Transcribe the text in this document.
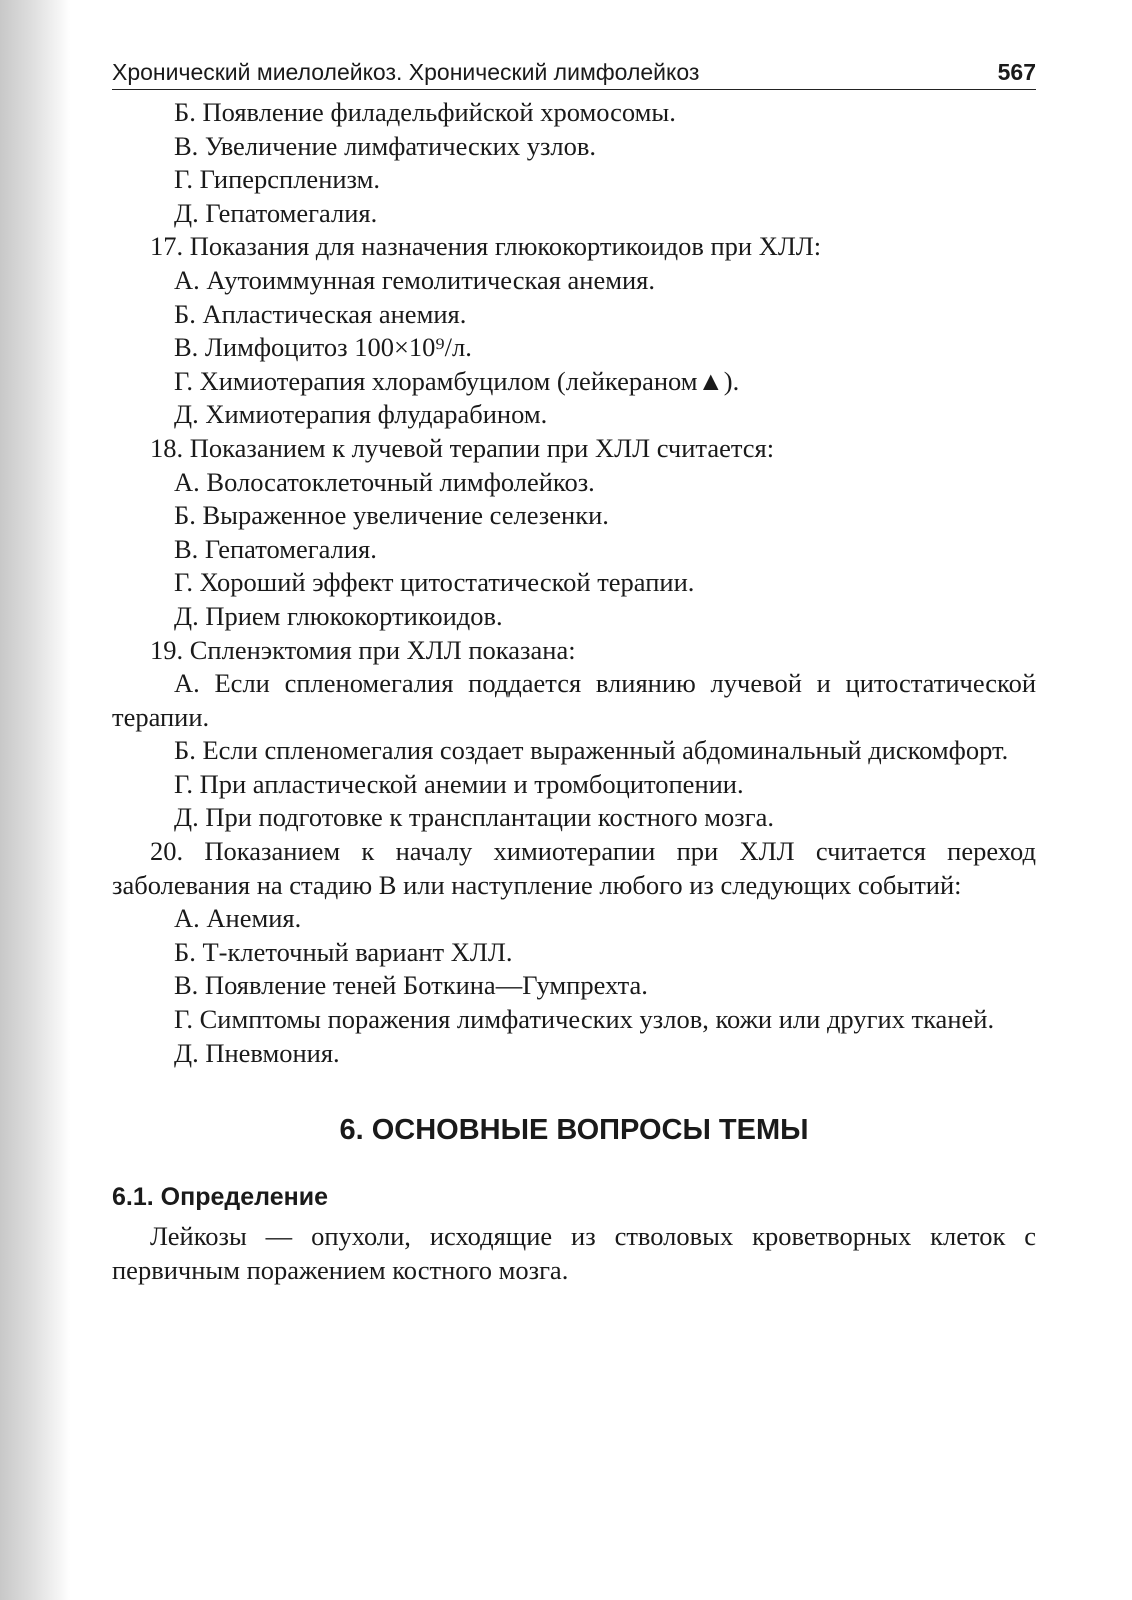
Хронический миелолейкоз. Хронический лимфолейкоз	567

Б. Появление филадельфийской хромосомы.

В. Увеличение лимфатических узлов.

Г. Гиперспленизм.

Д. Гепатомегалия.

17. Показания для назначения глюкокортикоидов при ХЛЛ:

А. Аутоиммунная гемолитическая анемия.

Б. Апластическая анемия.

В. Лимфоцитоз 100×10⁹/л.

Г. Химиотерапия хлорамбуцилом (лейкераном▲).

Д. Химиотерапия флударабином.

18. Показанием к лучевой терапии при ХЛЛ считается:

А. Волосатоклеточный лимфолейкоз.

Б. Выраженное увеличение селезенки.

В. Гепатомегалия.

Г. Хороший эффект цитостатической терапии.

Д. Прием глюкокортикоидов.

19. Спленэктомия при ХЛЛ показана:

А. Если спленомегалия поддается влиянию лучевой и цитостатической терапии.

Б. Если спленомегалия создает выраженный абдоминальный дискомфорт.

Г. При апластической анемии и тромбоцитопении.

Д. При подготовке к трансплантации костного мозга.

20. Показанием к началу химиотерапии при ХЛЛ считается переход заболевания на стадию В или наступление любого из следующих событий:

А. Анемия.

Б. Т-клеточный вариант ХЛЛ.

В. Появление теней Боткина—Гумпрехта.

Г. Симптомы поражения лимфатических узлов, кожи или других тканей.

Д. Пневмония.

6. ОСНОВНЫЕ ВОПРОСЫ ТЕМЫ
6.1. Определение

Лейкозы — опухоли, исходящие из стволовых кроветворных клеток с первичным поражением костного мозга.
